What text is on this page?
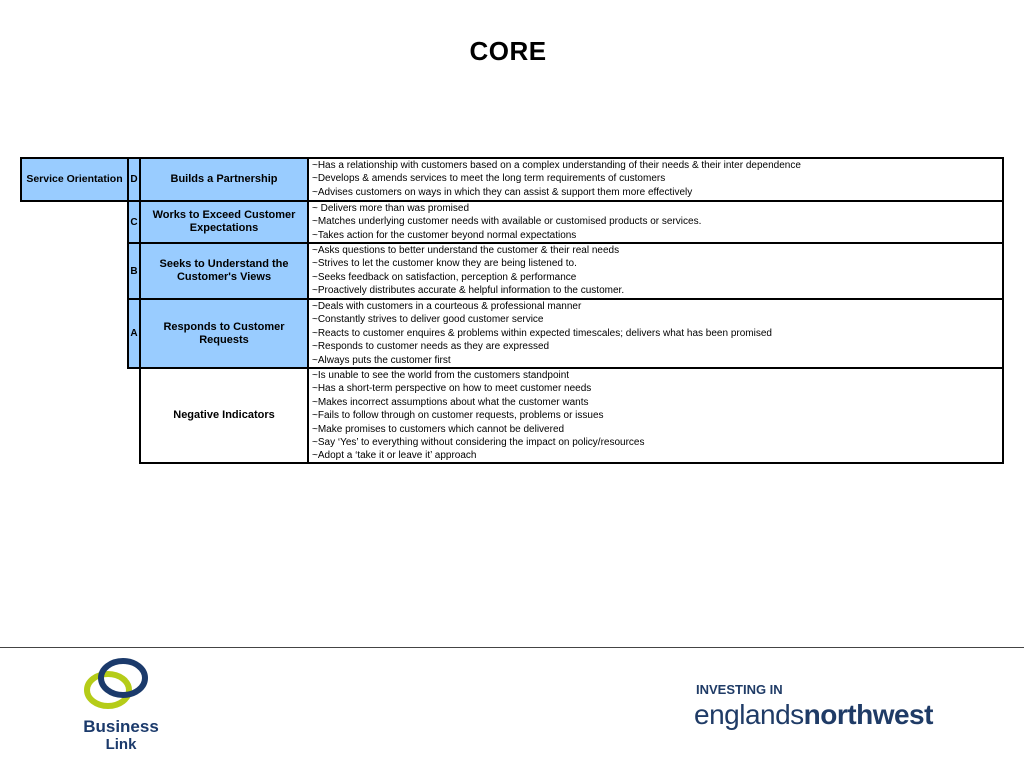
CORE
Service Orientation D	Builds a Partnership
~Has a relationship with customers based on a complex understanding of their needs & their inter dependence
~Develops & amends services to meet the long term requirements of customers
~Advises customers on ways in which they can assist & support them more effectively
C
Works to Exceed Customer Expectations
~ Delivers more than was promised
~Matches underlying customer needs with available or customised products or services.
~Takes action for the customer beyond normal expectations
B
Seeks to Understand the Customer's Views
~Asks questions to better understand the customer & their real needs
~Strives to let the customer know they are being listened to.
~Seeks feedback on satisfaction, perception & performance
~Proactively distributes accurate & helpful information to the customer.
A
Responds to Customer Requests
~Deals with customers in a courteous & professional manner
~Constantly strives to deliver good customer service
~Reacts to customer enquires & problems within expected timescales; delivers what has been promised
~Responds to customer needs as they are expressed
~Always puts the customer first
Negative Indicators
~Is unable to see the world from the customers standpoint
~Has a short-term perspective on how to meet customer needs
~Makes incorrect assumptions about what the customer wants
~Fails to follow through on customer requests, problems or issues
~Make promises to customers which cannot be delivered
~Say ‘Yes’ to everything without considering the impact on policy/resources
~Adopt a ‘take it or leave it’ approach
Business
Link
INVESTING IN
englandsnorthwest
